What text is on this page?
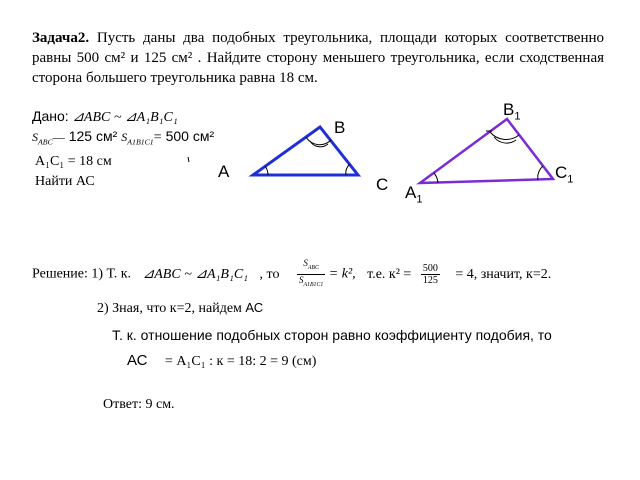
Задача2. Пусть даны два подобных треугольника, площади которых соответственно равны 500 см² и 125 см² . Найдите сторону меньшего треугольника, если сходственная сторона большего треугольника равна 18 см.
Дано: ⊿ABC ~ ⊿A₁B₁C₁
$S_{ABC}—$ 125 см² $S_{A1B1C1}= 500$ см²
A₁C₁ = 18 см
Найти АС
B
A
C
$B_1$
$C_1$
$A_1$
Решение: 1) Т. к. ⊿ABC ~ ⊿A₁B₁C₁ , то $\frac{S_{ABC}}{S_{A1B1C1}} = k^2$, т.е. $к^2 = \frac{500}{125} = 4$, значит, к=2.
2) Зная, что к=2, найдем АС
Т. к. отношение подобных сторон равно коэффициенту подобия, то
АС = A₁C₁ : к = 18: 2 = 9 (см)
Ответ: 9 см.
